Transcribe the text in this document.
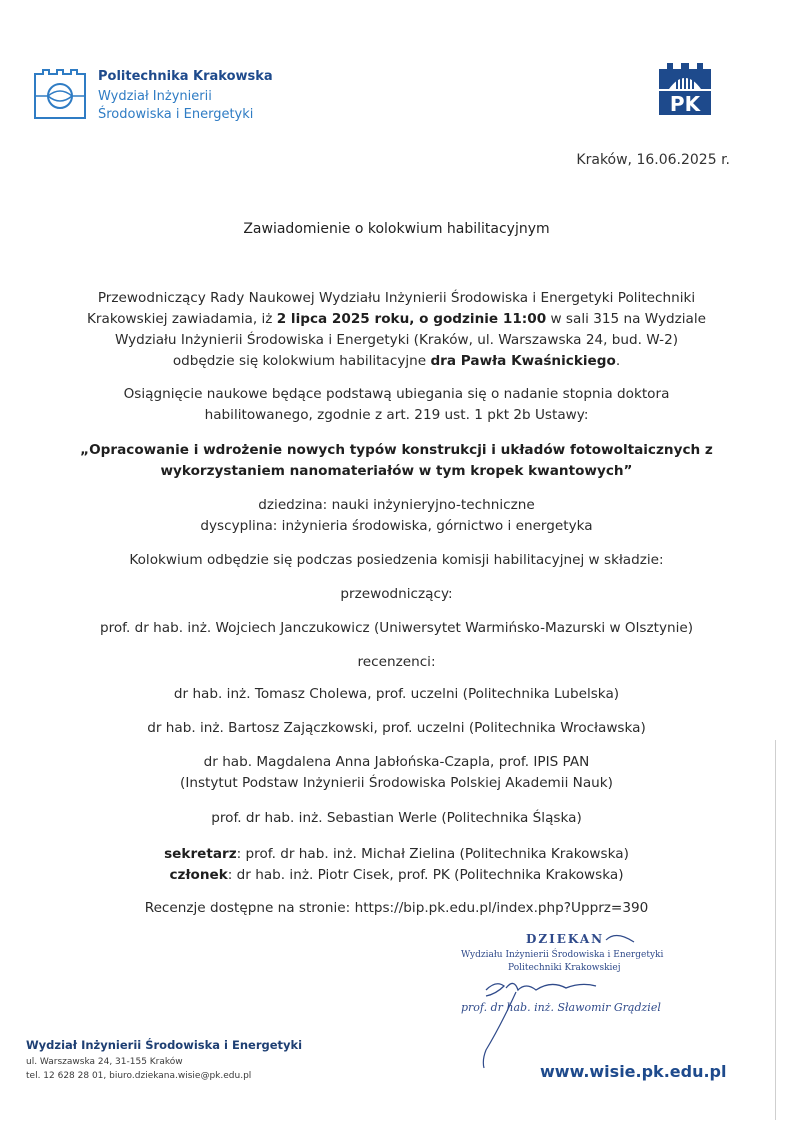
Politechnika Krakowska
Wydział Inżynierii
Środowiska i Energetyki	PK
Kraków, 16.06.2025 r.
Zawiadomienie o kolokwium habilitacyjnym
Przewodniczący Rady Naukowej Wydziału Inżynierii Środowiska i Energetyki Politechniki
Krakowskiej zawiadamia, iż 2 lipca 2025 roku, o godzinie 11:00 w sali 315 na Wydziale
Wydziału Inżynierii Środowiska i Energetyki (Kraków, ul. Warszawska 24, bud. W-2)
odbędzie się kolokwium habilitacyjne dra Pawła Kwaśnickiego.
Osiągnięcie naukowe będące podstawą ubiegania się o nadanie stopnia doktora
habilitowanego, zgodnie z art. 219 ust. 1 pkt 2b Ustawy:
„Opracowanie i wdrożenie nowych typów konstrukcji i układów fotowoltaicznych z
wykorzystaniem nanomateriałów w tym kropek kwantowych”
dziedzina: nauki inżynieryjno-techniczne
dyscyplina: inżynieria środowiska, górnictwo i energetyka
Kolokwium odbędzie się podczas posiedzenia komisji habilitacyjnej w składzie:
przewodniczący:
prof. dr hab. inż. Wojciech Janczukowicz (Uniwersytet Warmińsko-Mazurski w Olsztynie)
recenzenci:
dr hab. inż. Tomasz Cholewa, prof. uczelni (Politechnika Lubelska)
dr hab. inż. Bartosz Zajączkowski, prof. uczelni (Politechnika Wrocławska)
dr hab. Magdalena Anna Jabłońska-Czapla, prof. IPIS PAN
(Instytut Podstaw Inżynierii Środowiska Polskiej Akademii Nauk)
prof. dr hab. inż. Sebastian Werle (Politechnika Śląska)
sekretarz: prof. dr hab. inż. Michał Zielina (Politechnika Krakowska)
członek: dr hab. inż. Piotr Cisek, prof. PK (Politechnika Krakowska)
Recenzje dostępne na stronie: https://bip.pk.edu.pl/index.php?Upprz=390
DZIEKAN
Wydziału Inżynierii Środowiska i Energetyki
Politechniki Krakowskiej
prof. dr hab. inż. Sławomir Grądziel
Wydział Inżynierii Środowiska i Energetyki
ul. Warszawska 24, 31-155 Kraków
tel. 12 628 28 01, biuro.dziekana.wisie@pk.edu.pl	www.wisie.pk.edu.pl
